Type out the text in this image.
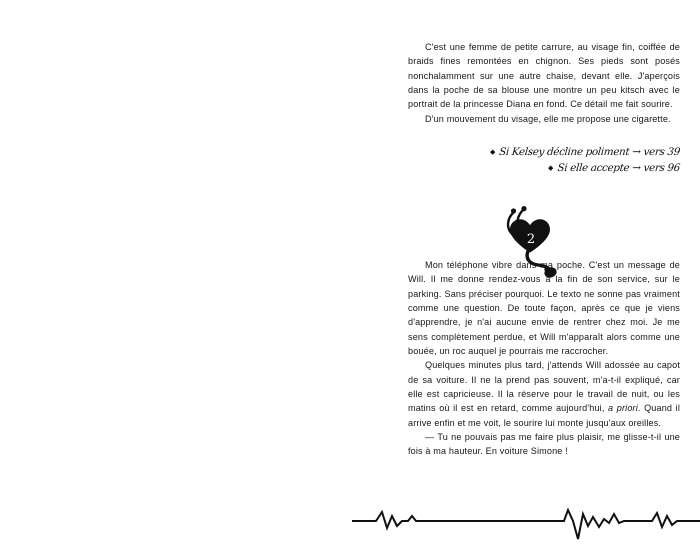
C'est une femme de petite carrure, au visage fin, coiffée de braids fines remontées en chignon. Ses pieds sont posés nonchalamment sur une autre chaise, devant elle. J'aperçois dans la poche de sa blouse une montre un peu kitsch avec le portrait de la princesse Diana en fond. Ce détail me fait sourire.

D'un mouvement du visage, elle me propose une cigarette.

◆ Si Kelsey décline poliment → vers 39
◆ Si elle accepte → vers 96
2

Mon téléphone vibre dans ma poche. C'est un message de Will. Il me donne rendez-vous à la fin de son service, sur le parking. Sans préciser pourquoi. Le texto ne sonne pas vraiment comme une question. De toute façon, après ce que je viens d'apprendre, je n'ai aucune envie de rentrer chez moi. Je me sens complètement perdue, et Will m'apparaît alors comme une bouée, un roc auquel je pourrais me raccrocher.

Quelques minutes plus tard, j'attends Will adossée au capot de sa voiture. Il ne la prend pas souvent, m'a-t-il expliqué, car elle est capricieuse. Il la réserve pour le travail de nuit, ou les matins où il est en retard, comme aujourd'hui, a priori. Quand il arrive enfin et me voit, le sourire lui monte jusqu'aux oreilles.

— Tu ne pouvais pas me faire plus plaisir, me glisse-t-il une fois à ma hauteur. En voiture Simone !
